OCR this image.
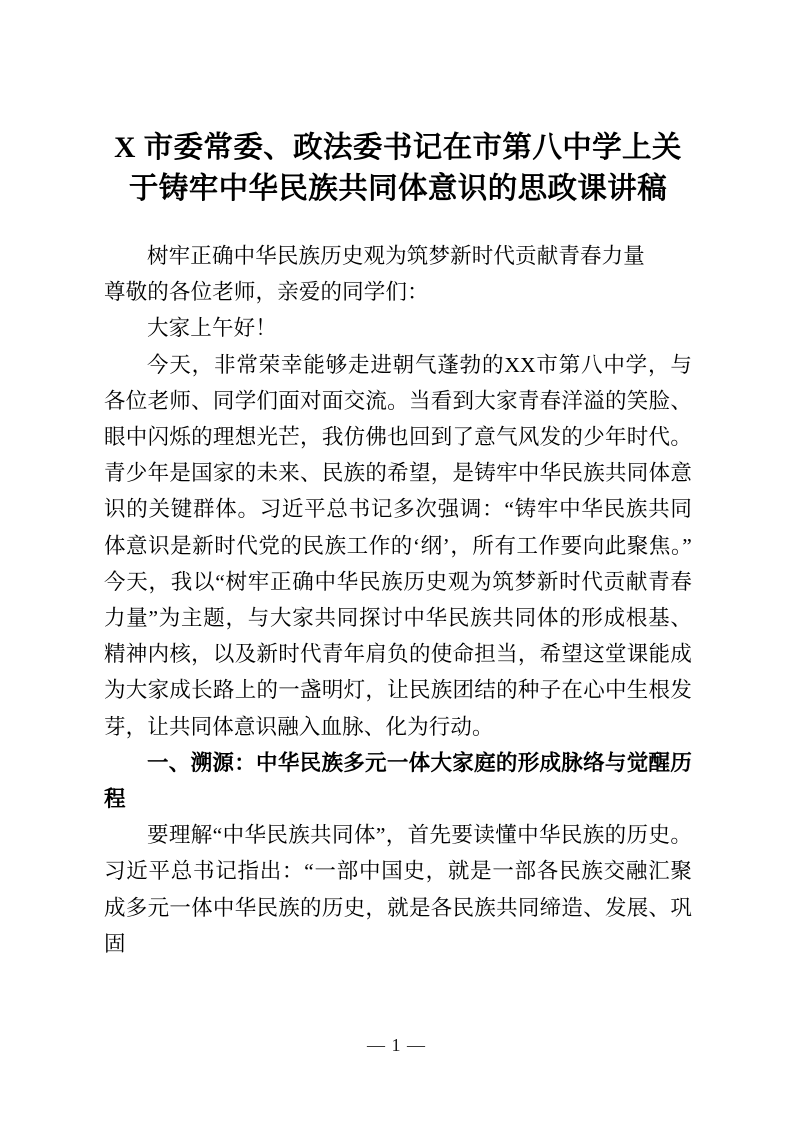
X 市委常委、政法委书记在市第八中学上关于铸牢中华民族共同体意识的思政课讲稿

树牢正确中华民族历史观为筑梦新时代贡献青春力量

尊敬的各位老师，亲爱的同学们：

大家上午好！

今天，非常荣幸能够走进朝气蓬勃的XX市第八中学，与各位老师、同学们面对面交流。当看到大家青春洋溢的笑脸、眼中闪烁的理想光芒，我仿佛也回到了意气风发的少年时代。青少年是国家的未来、民族的希望，是铸牢中华民族共同体意识的关键群体。习近平总书记多次强调：“铸牢中华民族共同体意识是新时代党的民族工作的‘纲’，所有工作要向此聚焦。”今天，我以“树牢正确中华民族历史观为筑梦新时代贡献青春力量”为主题，与大家共同探讨中华民族共同体的形成根基、精神内核，以及新时代青年肩负的使命担当，希望这堂课能成为大家成长路上的一盏明灯，让民族团结的种子在心中生根发芽，让共同体意识融入血脉、化为行动。

一、溯源：中华民族多元一体大家庭的形成脉络与觉醒历程

要理解“中华民族共同体”，首先要读懂中华民族的历史。习近平总书记指出：“一部中国史，就是一部各民族交融汇聚成多元一体中华民族的历史，就是各民族共同缔造、发展、巩固

— 1 —
